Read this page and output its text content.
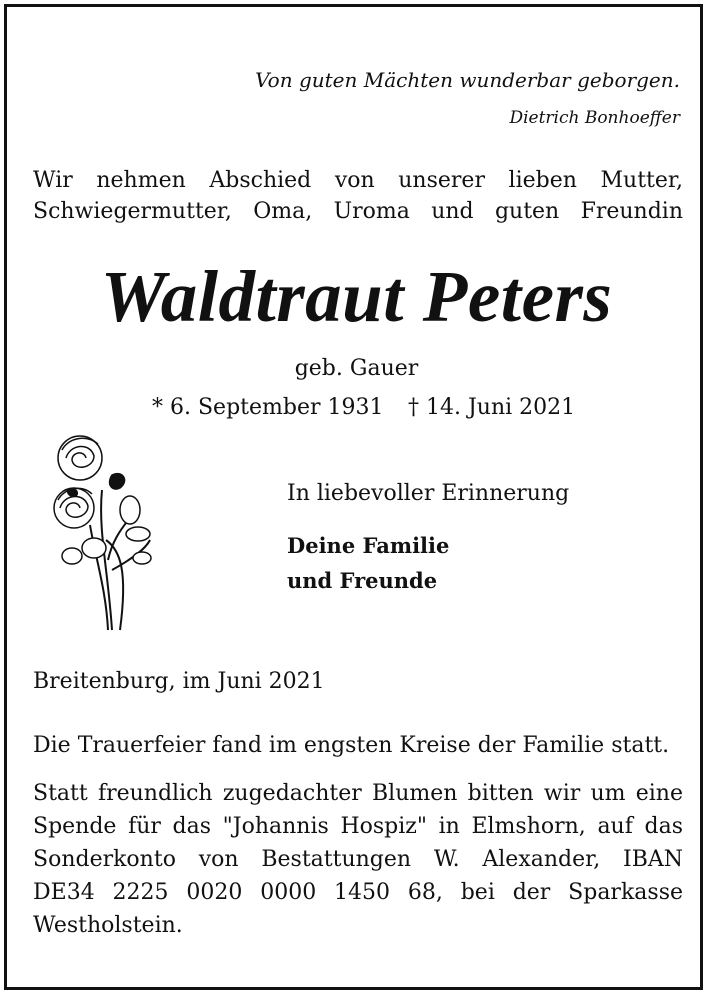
Von guten Mächten wunderbar geborgen.
Dietrich Bonhoeffer
Wir nehmen Abschied von unserer lieben Mutter,
Schwiegermutter, Oma, Uroma und guten Freundin
Waldtraut Peters
geb. Gauer
* 6. September 1931 † 14. Juni 2021
In liebevoller Erinnerung
Deine Familie
und Freunde
Breitenburg, im Juni 2021
Die Trauerfeier fand im engsten Kreise der Familie statt.
Statt freundlich zugedachter Blumen bitten wir um eine
Spende für das "Johannis Hospiz" in Elmshorn, auf das
Sonderkonto von Bestattungen W. Alexander, IBAN
DE34 2225 0020 0000 1450 68, bei der Sparkasse
Westholstein.
